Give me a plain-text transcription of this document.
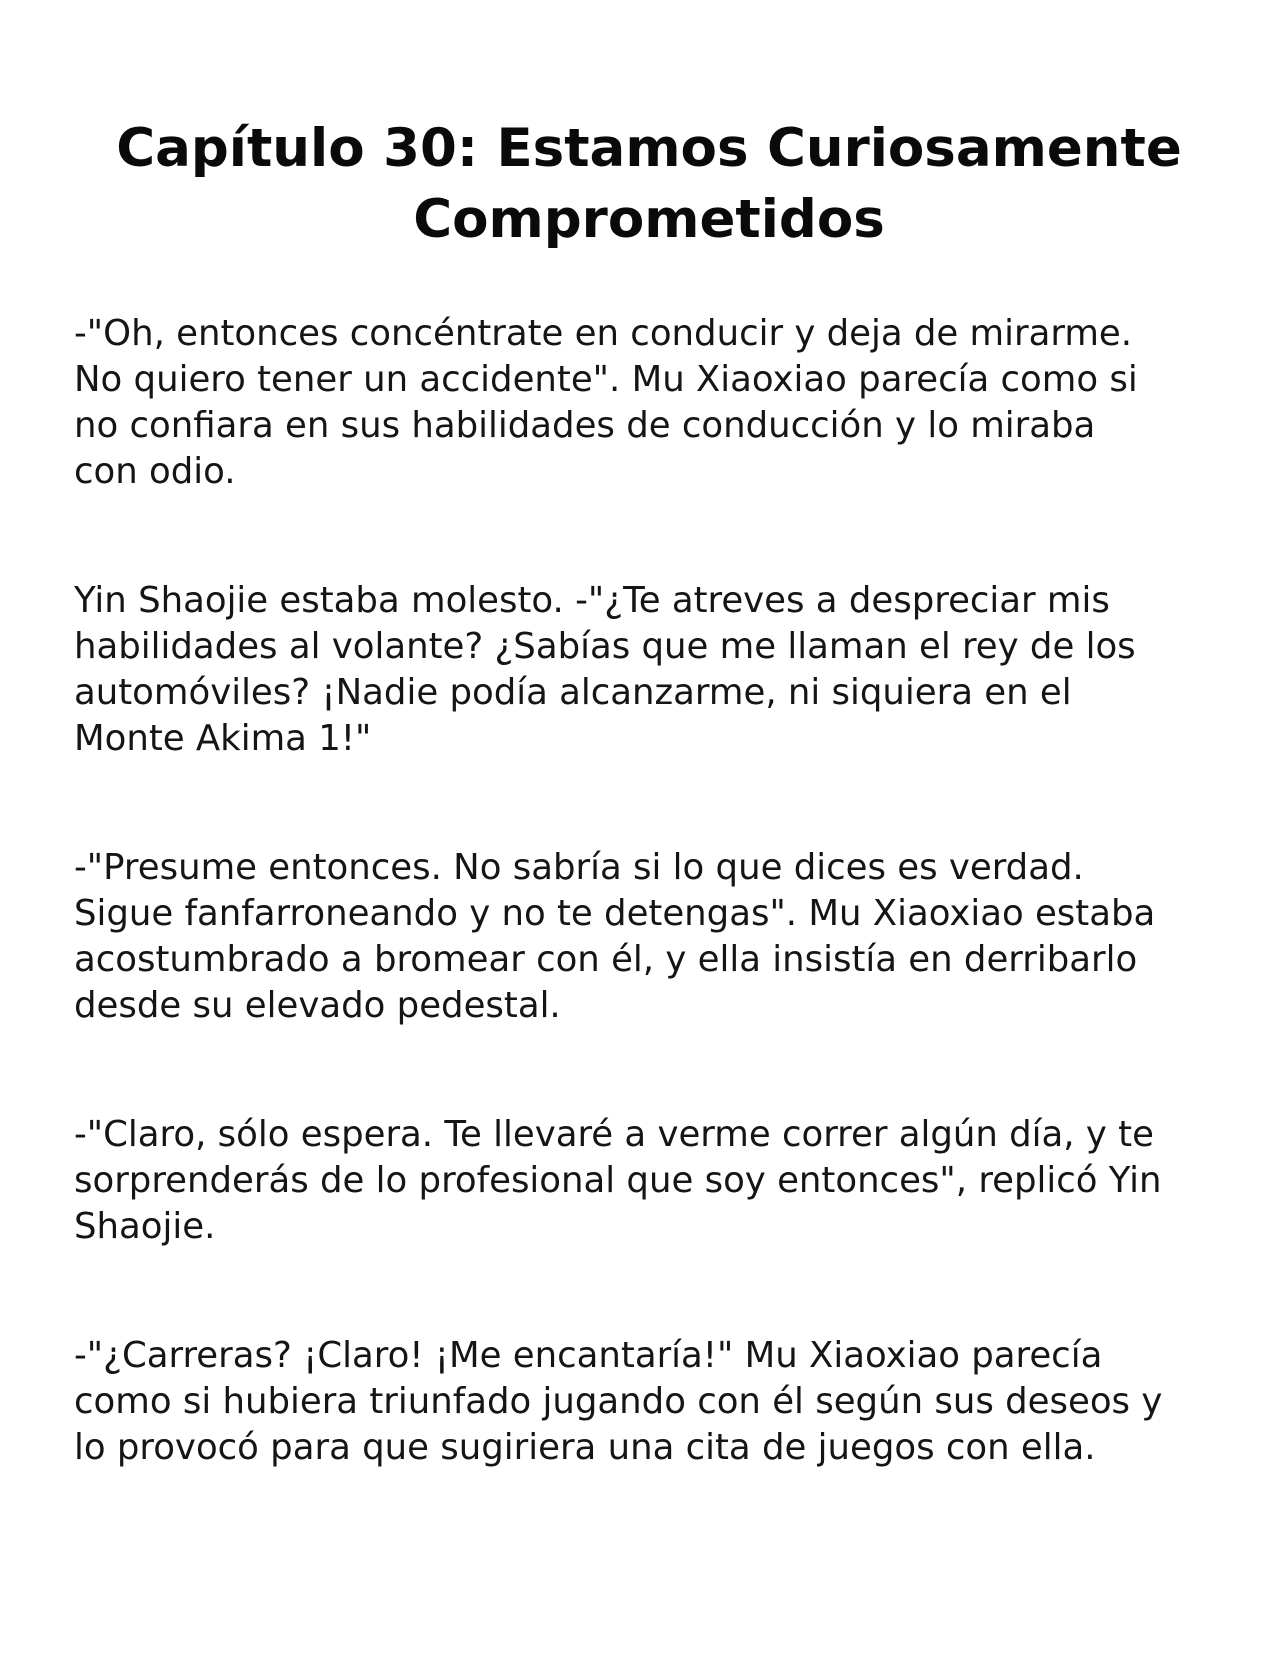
Capítulo 30: Estamos Curiosamente Comprometidos

-"Oh, entonces concéntrate en conducir y deja de mirarme.
No quiero tener un accidente". Mu Xiaoxiao parecía como si
no confiara en sus habilidades de conducción y lo miraba
con odio.

Yin Shaojie estaba molesto. -"¿Te atreves a despreciar mis
habilidades al volante? ¿Sabías que me llaman el rey de los
automóviles? ¡Nadie podía alcanzarme, ni siquiera en el
Monte Akima 1!"

-"Presume entonces. No sabría si lo que dices es verdad.
Sigue fanfarroneando y no te detengas". Mu Xiaoxiao estaba
acostumbrado a bromear con él, y ella insistía en derribarlo
desde su elevado pedestal.

-"Claro, sólo espera. Te llevaré a verme correr algún día, y te
sorprenderás de lo profesional que soy entonces", replicó Yin
Shaojie.

-"¿Carreras? ¡Claro! ¡Me encantaría!" Mu Xiaoxiao parecía
como si hubiera triunfado jugando con él según sus deseos y
lo provocó para que sugiriera una cita de juegos con ella.
